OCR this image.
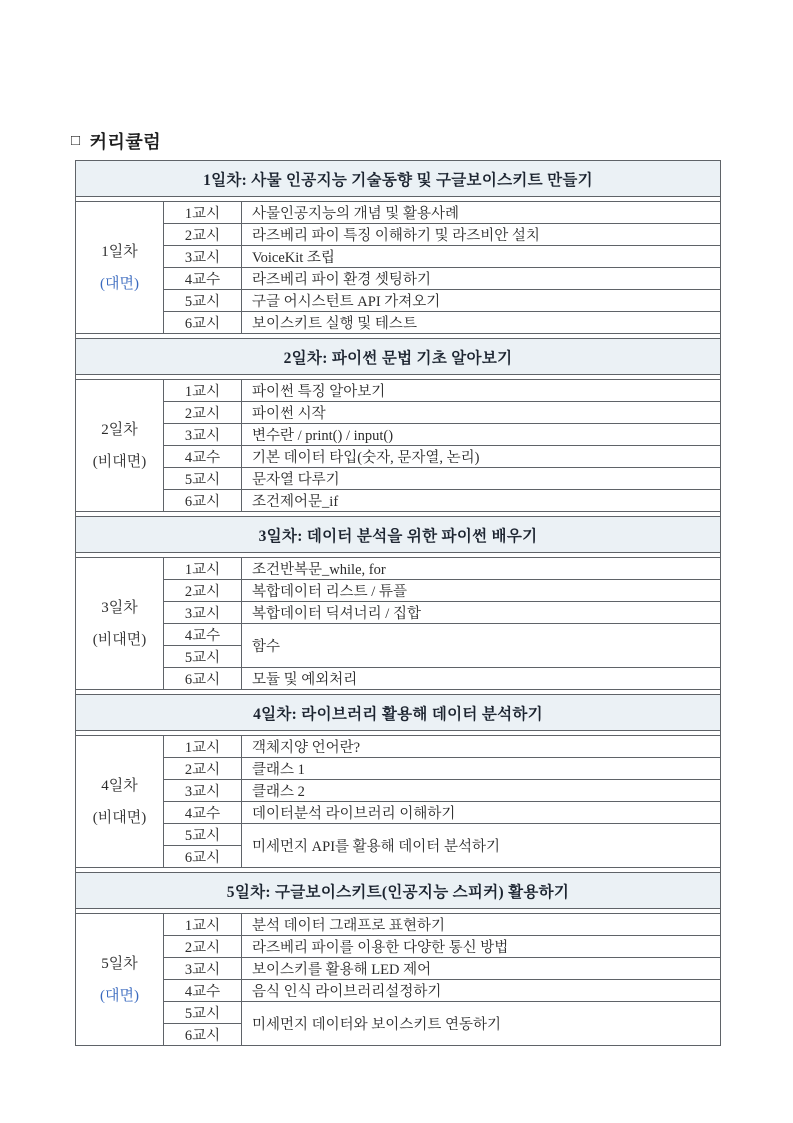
□ 커리큘럼
1일차: 사물 인공지능 기술동향 및 구글보이스키트 만들기		

1일차
(대면)	1교시	사물인공지능의 개념 및 활용사례
	2교시	라즈베리 파이 특징 이해하기 및 라즈비안 설치
	3교시	VoiceKit 조립
	4교수	라즈베리 파이 환경 셋팅하기
	5교시	구글 어시스턴트 API 가져오기
	6교시	보이스키트 실행 및 테스트

2일차: 파이썬 문법 기초 알아보기		

2일차
(비대면)	1교시	파이썬 특징 알아보기
	2교시	파이썬 시작
	3교시	변수란 / print() / input()
	4교수	기본 데이터 타입(숫자, 문자열, 논리)
	5교시	문자열 다루기
	6교시	조건제어문_if

3일차: 데이터 분석을 위한 파이썬 배우기		

3일차
(비대면)	1교시	조건반복문_while, for
	2교시	복합데이터 리스트 / 튜플
	3교시	복합데이터 딕셔너리 / 집합
	4교수	함수
	5교시	
	6교시	모듈 및 예외처리

4일차: 라이브러리 활용해 데이터 분석하기		

4일차
(비대면)	1교시	객체지양 언어란?
	2교시	클래스 1
	3교시	클래스 2
	4교수	데이터분석 라이브러리 이해하기
	5교시	미세먼지 API를 활용해 데이터 분석하기
	6교시	

5일차: 구글보이스키트(인공지능 스피커) 활용하기		

5일차
(대면)	1교시	분석 데이터 그래프로 표현하기
	2교시	라즈베리 파이를 이용한 다양한 통신 방법
	3교시	보이스키를 활용해 LED 제어
	4교수	음식 인식 라이브러리설정하기
	5교시	미세먼지 데이터와 보이스키트 연동하기
	6교시	
